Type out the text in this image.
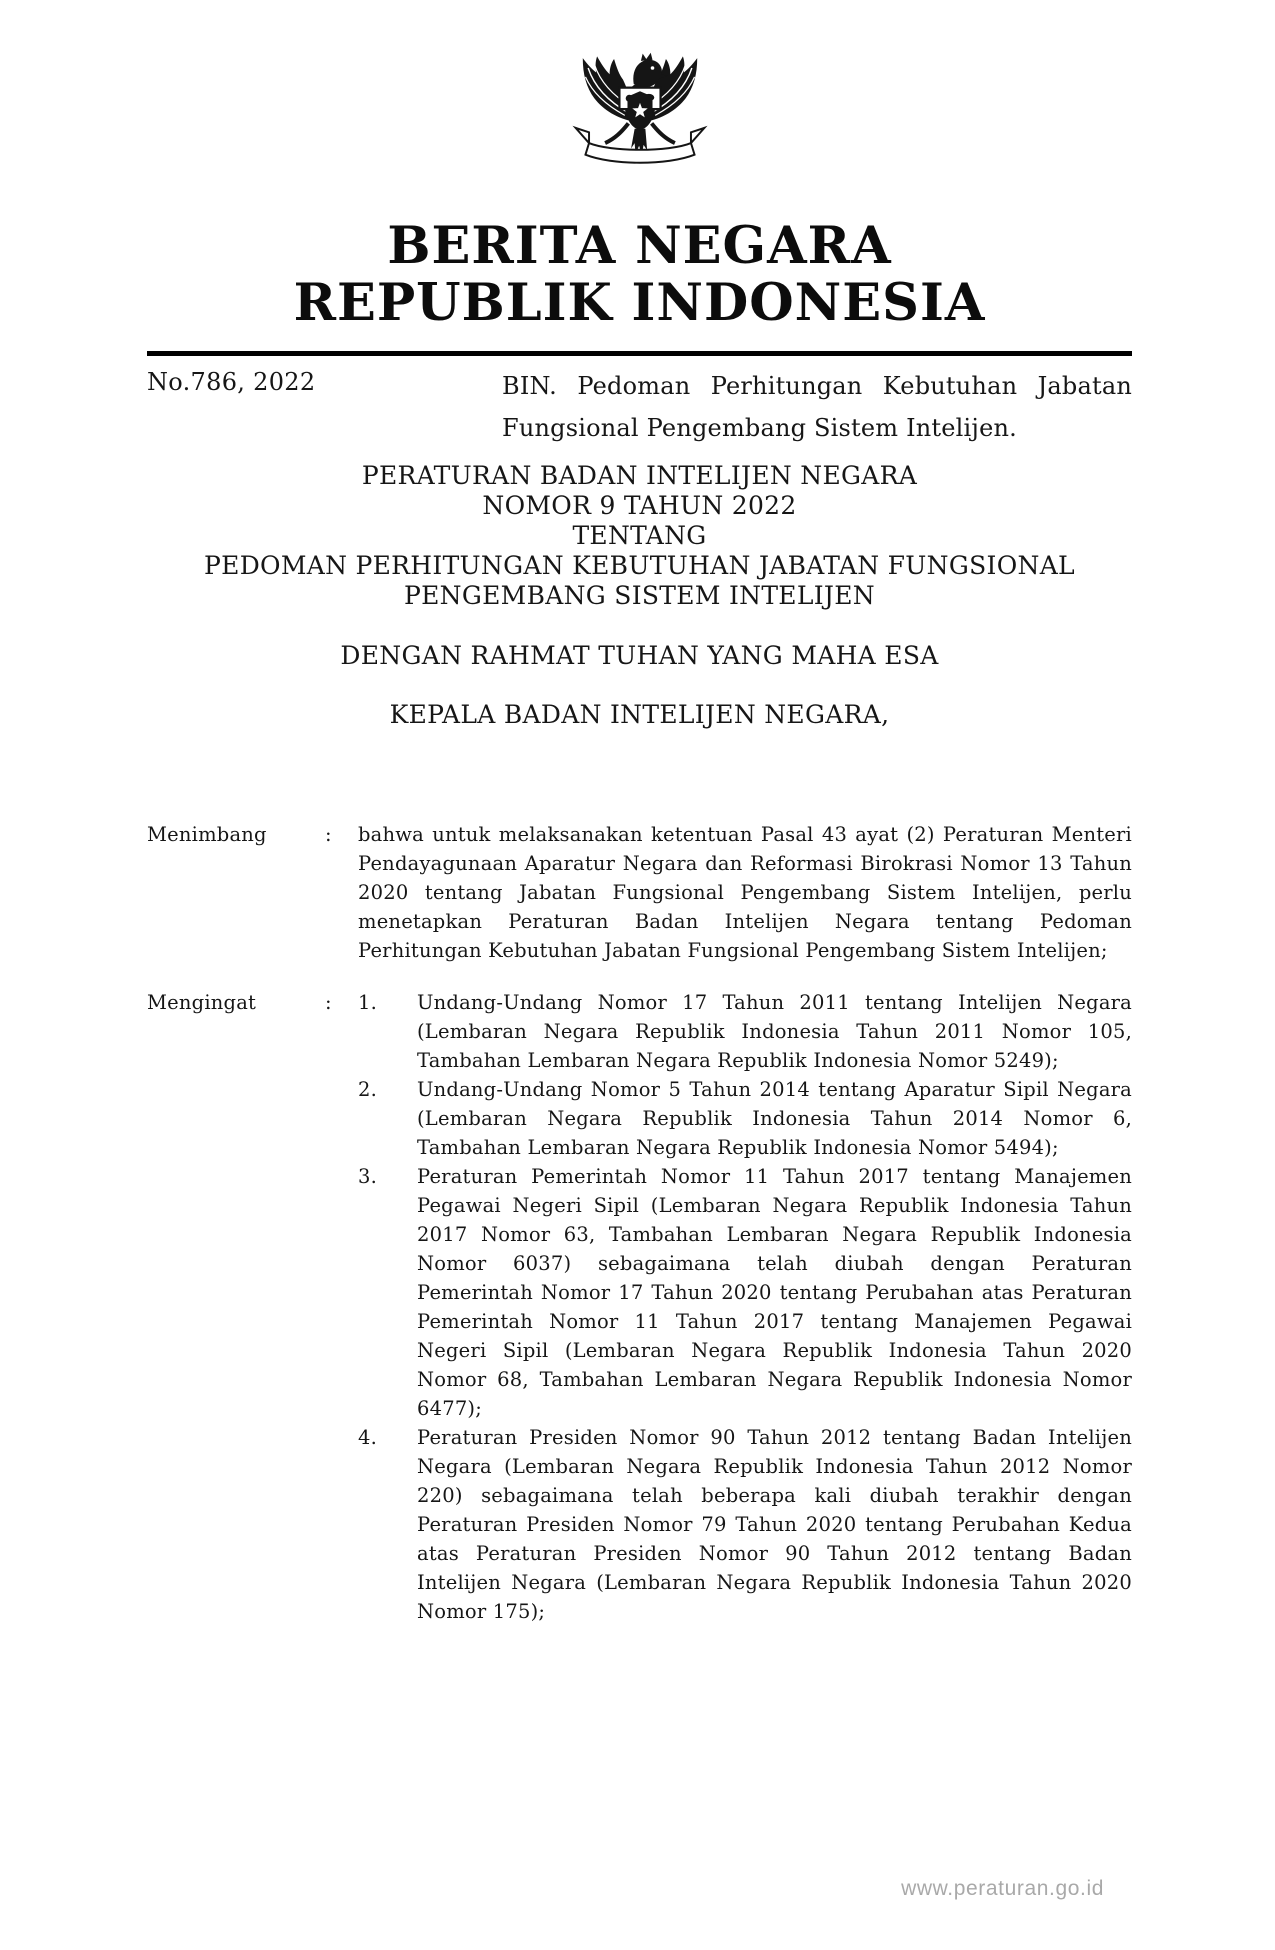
BERITA NEGARA
REPUBLIK INDONESIA
No.786, 2022	BIN. Pedoman Perhitungan Kebutuhan Jabatan Fungsional Pengembang Sistem Intelijen.
PERATURAN BADAN INTELIJEN NEGARA
NOMOR 9 TAHUN 2022
TENTANG
PEDOMAN PERHITUNGAN KEBUTUHAN JABATAN FUNGSIONAL
PENGEMBANG SISTEM INTELIJEN
DENGAN RAHMAT TUHAN YANG MAHA ESA
KEPALA BADAN INTELIJEN NEGARA,
Menimbang	:	bahwa untuk melaksanakan ketentuan Pasal 43 ayat (2) Peraturan Menteri Pendayagunaan Aparatur Negara dan Reformasi Birokrasi Nomor 13 Tahun 2020 tentang Jabatan Fungsional Pengembang Sistem Intelijen, perlu menetapkan Peraturan Badan Intelijen Negara tentang Pedoman Perhitungan Kebutuhan Jabatan Fungsional Pengembang Sistem Intelijen;
Mengingat	:	1.	Undang-Undang Nomor 17 Tahun 2011 tentang Intelijen Negara (Lembaran Negara Republik Indonesia Tahun 2011 Nomor 105, Tambahan Lembaran Negara Republik Indonesia Nomor 5249);
2.	Undang-Undang Nomor 5 Tahun 2014 tentang Aparatur Sipil Negara (Lembaran Negara Republik Indonesia Tahun 2014 Nomor 6, Tambahan Lembaran Negara Republik Indonesia Nomor 5494);
3.	Peraturan Pemerintah Nomor 11 Tahun 2017 tentang Manajemen Pegawai Negeri Sipil (Lembaran Negara Republik Indonesia Tahun 2017 Nomor 63, Tambahan Lembaran Negara Republik Indonesia Nomor 6037) sebagaimana telah diubah dengan Peraturan Pemerintah Nomor 17 Tahun 2020 tentang Perubahan atas Peraturan Pemerintah Nomor 11 Tahun 2017 tentang Manajemen Pegawai Negeri Sipil (Lembaran Negara Republik Indonesia Tahun 2020 Nomor 68, Tambahan Lembaran Negara Republik Indonesia Nomor 6477);
4.	Peraturan Presiden Nomor 90 Tahun 2012 tentang Badan Intelijen Negara (Lembaran Negara Republik Indonesia Tahun 2012 Nomor 220) sebagaimana telah beberapa kali diubah terakhir dengan Peraturan Presiden Nomor 79 Tahun 2020 tentang Perubahan Kedua atas Peraturan Presiden Nomor 90 Tahun 2012 tentang Badan Intelijen Negara (Lembaran Negara Republik Indonesia Tahun 2020 Nomor 175);
www.peraturan.go.id
